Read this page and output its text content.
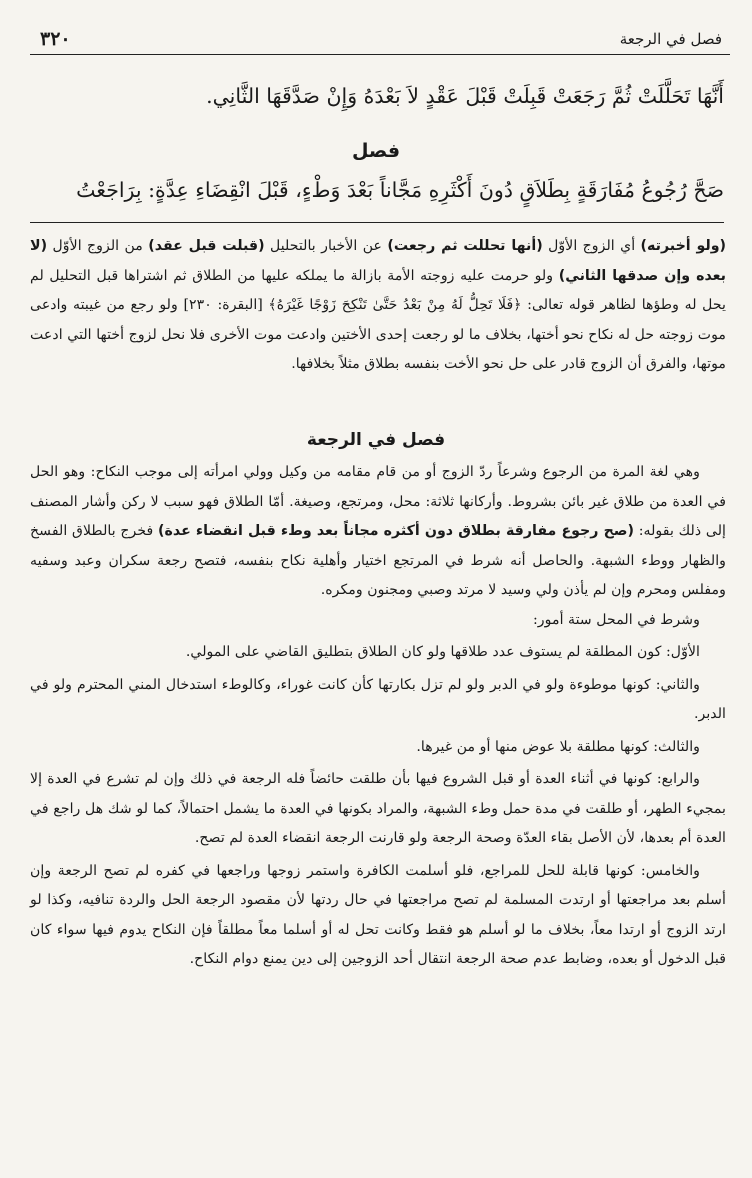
فصل في الرجعة
٣٢٠
أَنَّهَا تَحَلَّلَتْ ثُمَّ رَجَعَتْ قَبِلَتْ قَبْلَ عَقْدٍ لاَ بَعْدَهُ وَإِنْ صَدَّقَهَا الثَّانِي.
فصل
صَحَّ رُجُوعُ مُفَارَقَةٍ بِطَلاَقٍ دُونَ أَكْثَرِهِ مَجَّاناً بَعْدَ وَطْءٍ، قَبْلَ انْقِضَاءِ عِدَّةٍ: بِرَاجَعْتُ

(ولو أخبرته) أي الزوج الأوّل (أنها تحللت ثم رجعت) عن الأخبار بالتحليل (قبلت قبل عقد) من الزوج الأوّل (لا بعده وإن صدقها الثاني) ولو حرمت عليه زوجته الأمة بازالة ما يملكه عليها من الطلاق ثم اشتراها قبل التحليل لم يحل له وطؤها لظاهر قوله تعالى: ﴿فَلَا تَحِلُّ لَهُ مِنْ بَعْدُ حَتَّىٰ تَنْكِحَ زَوْجًا غَيْرَهُ﴾ [البقرة: ٢٣٠] ولو رجع من غيبته وادعى موت زوجته حل له نكاح نحو أختها، بخلاف ما لو رجعت إحدى الأختين وادعت موت الأخرى فلا نحل لزوج أختها التي ادعت موتها، والفرق أن الزوج قادر على حل نحو الأخت بنفسه بطلاق مثلاً بخلافها.

فصل في الرجعة

وهي لغة المرة من الرجوع وشرعاً ردّ الزوج أو من قام مقامه من وكيل وولي امرأته إلى موجب النكاح: وهو الحل في العدة من طلاق غير بائن بشروط. وأركانها ثلاثة: محل، ومرتجع، وصيغة. أمّا الطلاق فهو سبب لا ركن وأشار المصنف إلى ذلك بقوله: (صح رجوع مفارقة بطلاق دون أكثره مجاناً بعد وطء قبل انقضاء عدة) فخرج بالطلاق الفسخ والظهار ووطء الشبهة. والحاصل أنه شرط في المرتجع اختيار وأهلية نكاح بنفسه، فتصح رجعة سكران وعبد وسفيه ومفلس ومحرم وإن لم يأذن ولي وسيد لا مرتد وصبي ومجنون ومكره.

وشرط في المحل ستة أمور:

الأوّل: كون المطلقة لم يستوف عدد طلاقها ولو كان الطلاق بتطليق القاضي على المولي.

والثاني: كونها موطوءة ولو في الدبر ولو لم تزل بكارتها كأن كانت غوراء، وكالوطء استدخال المني المحترم ولو في الدبر.

والثالث: كونها مطلقة بلا عوض منها أو من غيرها.

والرابع: كونها في أثناء العدة أو قبل الشروع فيها بأن طلقت حائضاً فله الرجعة في ذلك وإن لم تشرع في العدة إلا بمجيء الطهر، أو طلقت في مدة حمل وطء الشبهة، والمراد بكونها في العدة ما يشمل احتمالاً، كما لو شك هل راجع في العدة أم بعدها، لأن الأصل بقاء العدّة وصحة الرجعة ولو قارنت الرجعة انقضاء العدة لم تصح.

والخامس: كونها قابلة للحل للمراجع، فلو أسلمت الكافرة واستمر زوجها وراجعها في كفره لم تصح الرجعة وإن أسلم بعد مراجعتها أو ارتدت المسلمة لم تصح مراجعتها في حال ردتها لأن مقصود الرجعة الحل والردة تنافيه، وكذا لو ارتد الزوج أو ارتدا معاً، بخلاف ما لو أسلم هو فقط وكانت تحل له أو أسلما معاً مطلقاً فإن النكاح يدوم فيها سواء كان قبل الدخول أو بعده، وضابط عدم صحة الرجعة انتقال أحد الزوجين إلى دين يمنع دوام النكاح.
